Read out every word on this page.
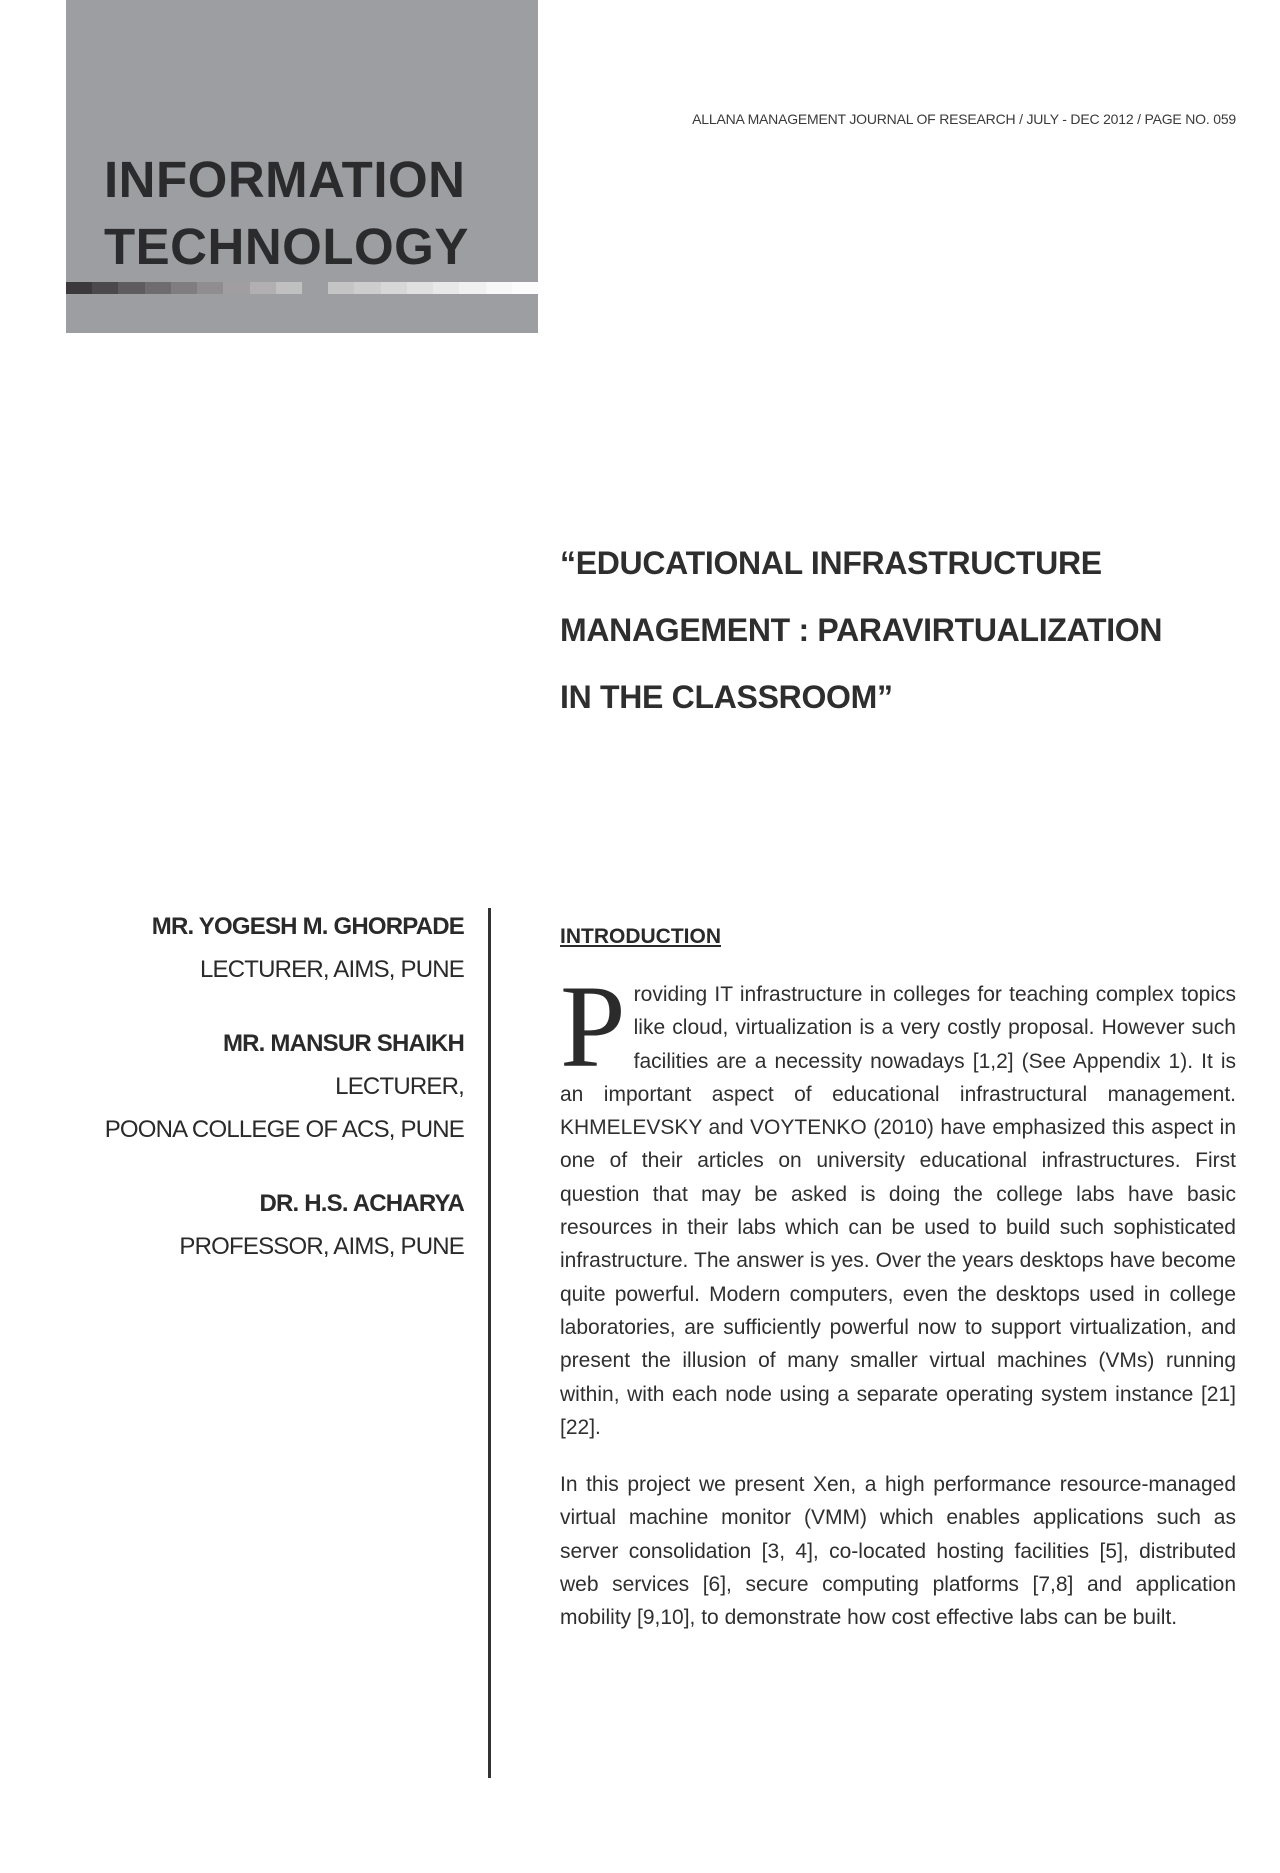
INFORMATION
TECHNOLOGY
ALLANA MANAGEMENT JOURNAL OF RESEARCH / JULY - DEC 2012 / PAGE NO. 059
“EDUCATIONAL INFRASTRUCTURE
MANAGEMENT : PARAVIRTUALIZATION
IN THE CLASSROOM”
MR. YOGESH M. GHORPADE
LECTURER, AIMS, PUNE
MR. MANSUR SHAIKH
LECTURER,
POONA COLLEGE OF ACS, PUNE
DR. H.S. ACHARYA
PROFESSOR, AIMS, PUNE
INTRODUCTION

Providing IT infrastructure in colleges for teaching complex topics like cloud, virtualization is a very costly proposal. However such facilities are a necessity nowadays [1,2] (See Appendix 1). It is an important aspect of educational infrastructural management. KHMELEVSKY and VOYTENKO (2010) have emphasized this aspect in one of their articles on university educational infrastructures. First question that may be asked is doing the college labs have basic resources in their labs which can be used to build such sophisticated infrastructure. The answer is yes. Over the years desktops have become quite powerful. Modern computers, even the desktops used in college laboratories, are sufficiently powerful now to support virtualization, and present the illusion of many smaller virtual machines (VMs) running within, with each node using a separate operating system instance [21][22].

In this project we present Xen, a high performance resource-managed virtual machine monitor (VMM) which enables applications such as server consolidation [3, 4], co-located hosting facilities [5], distributed web services [6], secure computing platforms [7,8] and application mobility [9,10], to demonstrate how cost effective labs can be built.
